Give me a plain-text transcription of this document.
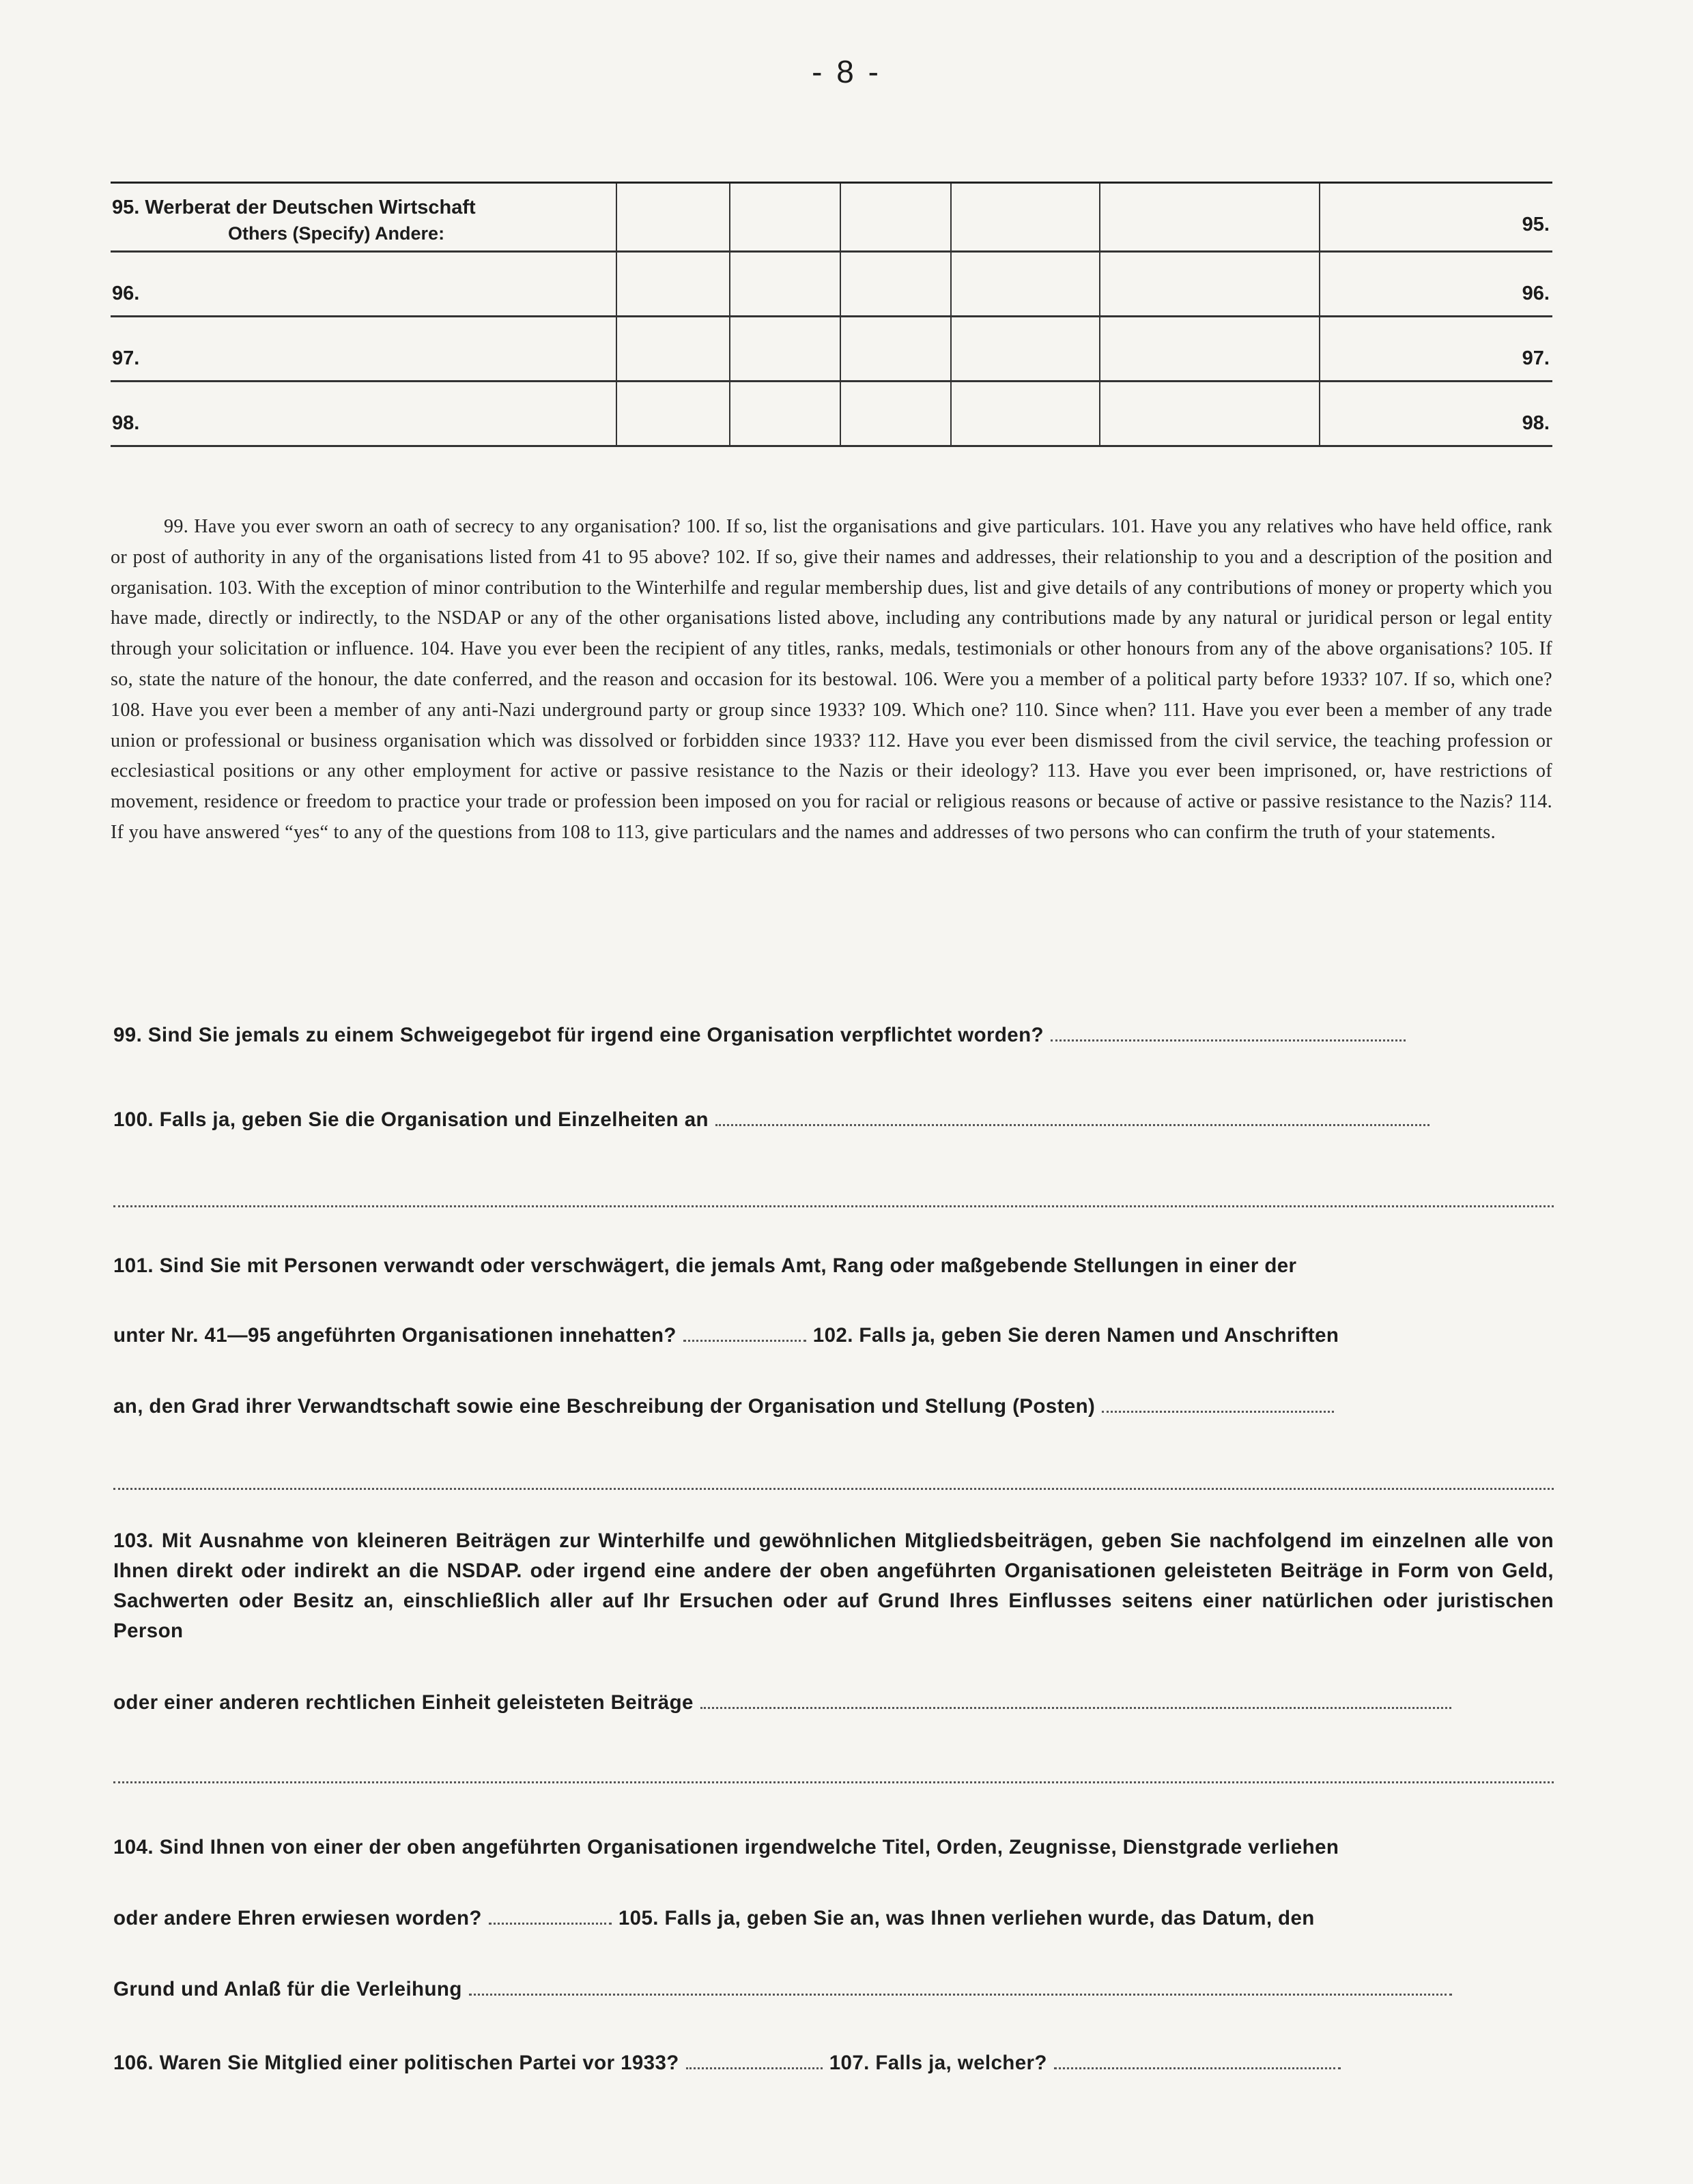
- 8 -
95. Werberat der Deutschen Wirtschaft
Others (Specify) Andere:	95.
96.	96.
97.	97.
98.	98.

99. Have you ever sworn an oath of secrecy to any organisation? 100. If so, list the organisations and give particulars. 101. Have you any relatives who have held office, rank or post of authority in any of the organisations listed from 41 to 95 above? 102. If so, give their names and addresses, their relationship to you and a description of the position and organisation. 103. With the exception of minor contribution to the Winterhilfe and regular membership dues, list and give details of any contributions of money or property which you have made, directly or indirectly, to the NSDAP or any of the other organisations listed above, including any contributions made by any natural or juridical person or legal entity through your solicitation or influence. 104. Have you ever been the recipient of any titles, ranks, medals, testimonials or other honours from any of the above organisations? 105. If so, state the nature of the honour, the date conferred, and the reason and occasion for its bestowal. 106. Were you a member of a political party before 1933? 107. If so, which one? 108. Have you ever been a member of any anti-Nazi underground party or group since 1933? 109. Which one? 110. Since when? 111. Have you ever been a member of any trade union or professional or business organisation which was dissolved or forbidden since 1933? 112. Have you ever been dismissed from the civil service, the teaching profession or ecclesiastical positions or any other employment for active or passive resistance to the Nazis or their ideology? 113. Have you ever been imprisoned, or, have restrictions of movement, residence or freedom to practice your trade or profession been imposed on you for racial or religious reasons or because of active or passive resistance to the Nazis? 114. If you have answered “yes“ to any of the questions from 108 to 113, give particulars and the names and addresses of two persons who can confirm the truth of your statements.

99. Sind Sie jemals zu einem Schweigegebot für irgend eine Organisation verpflichtet worden?
100. Falls ja, geben Sie die Organisation und Einzelheiten an
101. Sind Sie mit Personen verwandt oder verschwägert, die jemals Amt, Rang oder maßgebende Stellungen in einer der
unter Nr. 41—95 angeführten Organisationen innehatten?	102. Falls ja, geben Sie deren Namen und Anschriften
an, den Grad ihrer Verwandtschaft sowie eine Beschreibung der Organisation und Stellung (Posten)
103. Mit Ausnahme von kleineren Beiträgen zur Winterhilfe und gewöhnlichen Mitgliedsbeiträgen, geben Sie nachfolgend im einzelnen alle von Ihnen direkt oder indirekt an die NSDAP. oder irgend eine andere der oben angeführten Organisationen geleisteten Beiträge in Form von Geld, Sachwerten oder Besitz an, einschließlich aller auf Ihr Ersuchen oder auf Grund Ihres Einflusses seitens einer natürlichen oder juristischen Person
oder einer anderen rechtlichen Einheit geleisteten Beiträge
104. Sind Ihnen von einer der oben angeführten Organisationen irgendwelche Titel, Orden, Zeugnisse, Dienstgrade verliehen
oder andere Ehren erwiesen worden?	105. Falls ja, geben Sie an, was Ihnen verliehen wurde, das Datum, den
Grund und Anlaß für die Verleihung
106. Waren Sie Mitglied einer politischen Partei vor 1933?	107. Falls ja, welcher?
